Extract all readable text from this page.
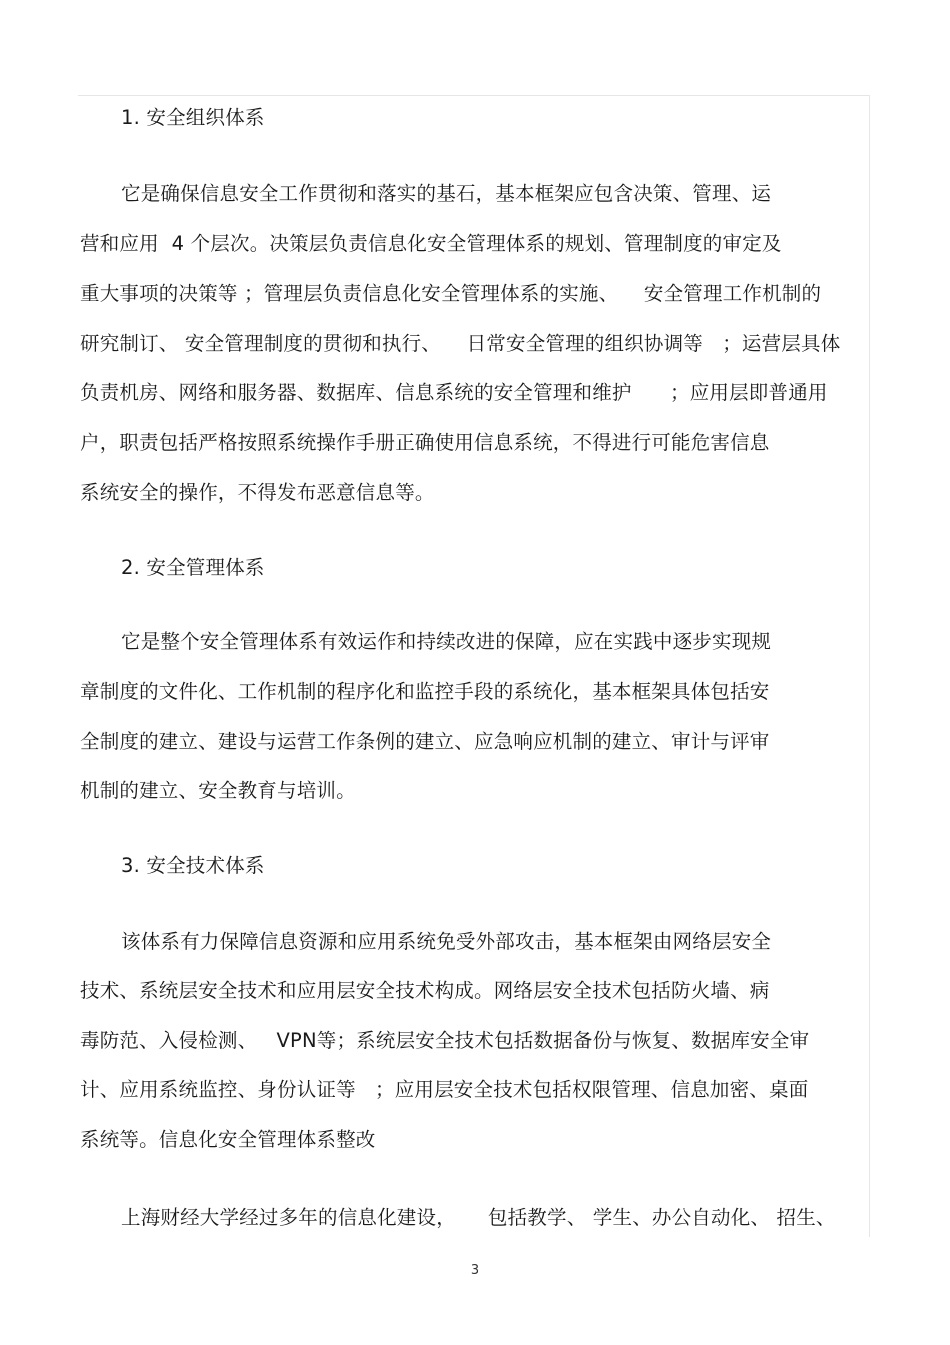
1. 安全组织体系
它是确保信息安全工作贯彻和落实的基石，基本框架应包含决策、管理、运
营和应用  4 个层次。决策层负责信息化安全管理体系的规划、管理制度的审定及
重大事项的决策等 ；管理层负责信息化安全管理体系的实施、    安全管理工作机制的
研究制订、 安全管理制度的贯彻和执行、    日常安全管理的组织协调等   ；运营层具体
负责机房、网络和服务器、数据库、信息系统的安全管理和维护      ；应用层即普通用
户，职责包括严格按照系统操作手册正确使用信息系统，不得进行可能危害信息
系统安全的操作，不得发布恶意信息等。
2. 安全管理体系
它是整个安全管理体系有效运作和持续改进的保障，应在实践中逐步实现规
章制度的文件化、工作机制的程序化和监控手段的系统化，基本框架具体包括安
全制度的建立、建设与运营工作条例的建立、应急响应机制的建立、审计与评审
机制的建立、安全教育与培训。
3. 安全技术体系
该体系有力保障信息资源和应用系统免受外部攻击，基本框架由网络层安全
技术、系统层安全技术和应用层安全技术构成。网络层安全技术包括防火墙、病
毒防范、入侵检测、   VPN等；系统层安全技术包括数据备份与恢复、数据库安全审
计、应用系统监控、身份认证等   ；应用层安全技术包括权限管理、信息加密、桌面
系统等。信息化安全管理体系整改
上海财经大学经过多年的信息化建设，     包括教学、 学生、办公自动化、 招生、
3
